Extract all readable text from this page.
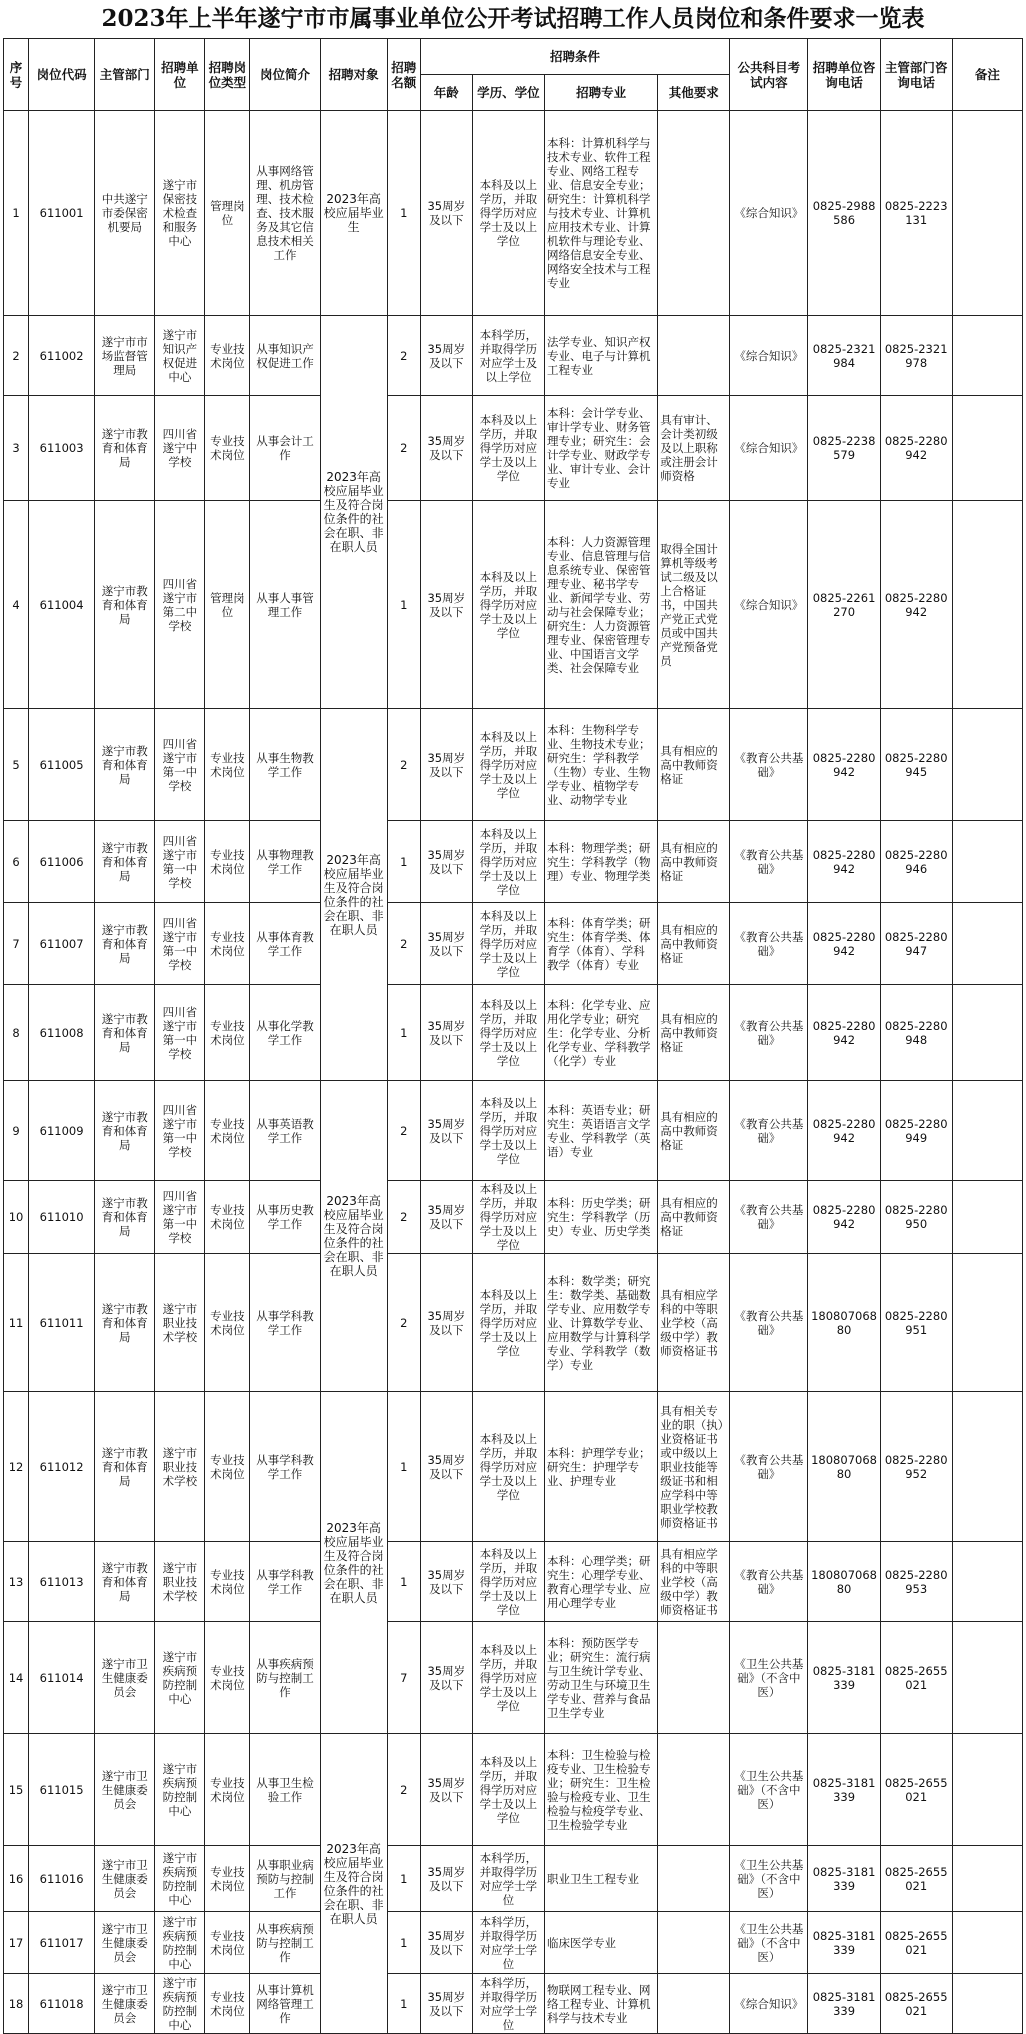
2023年上半年遂宁市市属事业单位公开考试招聘工作人员岗位和条件要求一览表
序号	岗位代码	主管部门	招聘单位	招聘岗位类型	岗位简介	招聘对象	招聘名额	招聘条件				公共科目考试内容	招聘单位咨询电话	主管部门咨询电话	备注
								年龄	学历、学位	招聘专业	其他要求				
1	611001	中共遂宁市委保密机要局	遂宁市保密技术检查和服务中心	管理岗位	从事网络管理、机房管理、技术检查、技术服务及其它信息技术相关工作	2023年高校应届毕业生	1	35周岁及以下	本科及以上学历，并取得学历对应学士及以上学位	本科：计算机科学与技术专业、软件工程专业、网络工程专业、信息安全专业；研究生：计算机科学与技术专业、计算机应用技术专业、计算机软件与理论专业、网络信息安全专业、网络安全技术与工程专业		《综合知识》	0825-2988586	0825-2223131	
2	611002	遂宁市市场监督管理局	遂宁市知识产权促进中心	专业技术岗位	从事知识产权促进工作	2023年高校应届毕业生及符合岗位条件的社会在职、非在职人员	2	35周岁及以下	本科学历，并取得学历对应学士及以上学位	法学专业、知识产权专业、电子与计算机工程专业		《综合知识》	0825-2321984	0825-2321978	
3	611003	遂宁市教育和体育局	四川省遂宁中学校	专业技术岗位	从事会计工作		2	35周岁及以下	本科及以上学历，并取得学历对应学士及以上学位	本科：会计学专业、审计学专业、财务管理专业；研究生：会计学专业、财政学专业、审计专业、会计专业	具有审计、会计类初级及以上职称或注册会计师资格	《综合知识》	0825-2238579	0825-2280942	
4	611004	遂宁市教育和体育局	四川省遂宁市第二中学校	管理岗位	从事人事管理工作		1	35周岁及以下	本科及以上学历，并取得学历对应学士及以上学位	本科：人力资源管理专业、信息管理与信息系统专业、保密管理专业、秘书学专业、新闻学专业、劳动与社会保障专业；研究生：人力资源管理专业、保密管理专业、中国语言文学类、社会保障专业	取得全国计算机等级考试二级及以上合格证书，中国共产党正式党员或中国共产党预备党员	《综合知识》	0825-2261270	0825-2280942	
5	611005	遂宁市教育和体育局	四川省遂宁市第一中学校	专业技术岗位	从事生物教学工作	2023年高校应届毕业生及符合岗位条件的社会在职、非在职人员	2	35周岁及以下	本科及以上学历，并取得学历对应学士及以上学位	本科：生物科学专业、生物技术专业；研究生：学科教学（生物）专业、生物学专业、植物学专业、动物学专业	具有相应的高中教师资格证	《教育公共基础》	0825-2280942	0825-2280945	
6	611006	遂宁市教育和体育局	四川省遂宁市第一中学校	专业技术岗位	从事物理教学工作		1	35周岁及以下	本科及以上学历，并取得学历对应学士及以上学位	本科：物理学类；研究生：学科教学（物理）专业、物理学类	具有相应的高中教师资格证	《教育公共基础》	0825-2280942	0825-2280946	
7	611007	遂宁市教育和体育局	四川省遂宁市第一中学校	专业技术岗位	从事体育教学工作		2	35周岁及以下	本科及以上学历，并取得学历对应学士及以上学位	本科：体育学类；研究生：体育学类、体育学（体育）、学科教学（体育）专业	具有相应的高中教师资格证	《教育公共基础》	0825-2280942	0825-2280947	
8	611008	遂宁市教育和体育局	四川省遂宁市第一中学校	专业技术岗位	从事化学教学工作		1	35周岁及以下	本科及以上学历，并取得学历对应学士及以上学位	本科：化学专业、应用化学专业；研究生：化学专业、分析化学专业、学科教学（化学）专业	具有相应的高中教师资格证	《教育公共基础》	0825-2280942	0825-2280948	
9	611009	遂宁市教育和体育局	四川省遂宁市第一中学校	专业技术岗位	从事英语教学工作	2023年高校应届毕业生及符合岗位条件的社会在职、非在职人员	2	35周岁及以下	本科及以上学历，并取得学历对应学士及以上学位	本科：英语专业；研究生：英语语言文学专业、学科教学（英语）专业	具有相应的高中教师资格证	《教育公共基础》	0825-2280942	0825-2280949	
10	611010	遂宁市教育和体育局	四川省遂宁市第一中学校	专业技术岗位	从事历史教学工作		2	35周岁及以下	本科及以上学历，并取得学历对应学士及以上学位	本科：历史学类；研究生：学科教学（历史）专业、历史学类	具有相应的高中教师资格证	《教育公共基础》	0825-2280942	0825-2280950	
11	611011	遂宁市教育和体育局	遂宁市职业技术学校	专业技术岗位	从事学科教学工作		2	35周岁及以下	本科及以上学历，并取得学历对应学士及以上学位	本科：数学类；研究生：数学类、基础数学专业、应用数学专业、计算数学专业、应用数学与计算科学专业、学科教学（数学）专业	具有相应学科的中等职业学校（高级中学）教师资格证书	《教育公共基础》	18080706880	0825-2280951	
12	611012	遂宁市教育和体育局	遂宁市职业技术学校	专业技术岗位	从事学科教学工作	2023年高校应届毕业生及符合岗位条件的社会在职、非在职人员	1	35周岁及以下	本科及以上学历，并取得学历对应学士及以上学位	本科：护理学专业；研究生：护理学专业、护理专业	具有相关专业的职（执）业资格证书或中级以上职业技能等级证书和相应学科中等职业学校教师资格证书	《教育公共基础》	18080706880	0825-2280952	
13	611013	遂宁市教育和体育局	遂宁市职业技术学校	专业技术岗位	从事学科教学工作		1	35周岁及以下	本科及以上学历，并取得学历对应学士及以上学位	本科：心理学类；研究生：心理学专业、教育心理学专业、应用心理学专业	具有相应学科的中等职业学校（高级中学）教师资格证书	《教育公共基础》	18080706880	0825-2280953	
14	611014	遂宁市卫生健康委员会	遂宁市疾病预防控制中心	专业技术岗位	从事疾病预防与控制工作		7	35周岁及以下	本科及以上学历，并取得学历对应学士及以上学位	本科：预防医学专业；研究生：流行病与卫生统计学专业、劳动卫生与环境卫生学专业、营养与食品卫生学专业		《卫生公共基础》（不含中医）	0825-3181339	0825-2655021	
15	611015	遂宁市卫生健康委员会	遂宁市疾病预防控制中心	专业技术岗位	从事卫生检验工作	2023年高校应届毕业生及符合岗位条件的社会在职、非在职人员	2	35周岁及以下	本科及以上学历，并取得学历对应学士及以上学位	本科：卫生检验与检疫专业、卫生检验专业；研究生：卫生检验与检疫专业、卫生检验与检疫学专业、卫生检验学专业		《卫生公共基础》（不含中医）	0825-3181339	0825-2655021	
16	611016	遂宁市卫生健康委员会	遂宁市疾病预防控制中心	专业技术岗位	从事职业病预防与控制工作		1	35周岁及以下	本科学历，并取得学历对应学士学位	职业卫生工程专业		《卫生公共基础》（不含中医）	0825-3181339	0825-2655021	
17	611017	遂宁市卫生健康委员会	遂宁市疾病预防控制中心	专业技术岗位	从事疾病预防与控制工作		1	35周岁及以下	本科学历，并取得学历对应学士学位	临床医学专业		《卫生公共基础》（不含中医）	0825-3181339	0825-2655021	
18	611018	遂宁市卫生健康委员会	遂宁市疾病预防控制中心	专业技术岗位	从事计算机网络管理工作		1	35周岁及以下	本科学历，并取得学历对应学士学位	物联网工程专业、网络工程专业、计算机科学与技术专业		《综合知识》	0825-3181339	0825-2655021	
